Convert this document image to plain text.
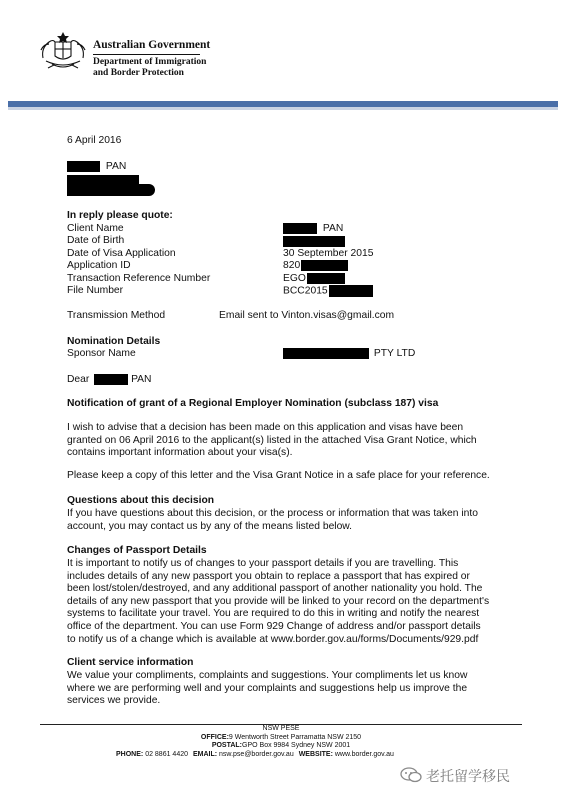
Australian Government
Department of Immigration
and Border Protection
6 April 2016
PAN
In reply please quote:
Client Name	PAN
Date of Birth
Date of Visa Application	30 September 2015
Application ID	820
Transaction Reference Number	EGO
File Number	BCC2015
Transmission Method	Email sent to Vinton.visas@gmail.com
Nomination Details
Sponsor Name	PTY LTD
Dear	PAN
Notification of grant of a Regional Employer Nomination (subclass 187) visa
I wish to advise that a decision has been made on this application and visas have been
granted on 06 April 2016 to the applicant(s) listed in the attached Visa Grant Notice, which
contains important information about your visa(s).
Please keep a copy of this letter and the Visa Grant Notice in a safe place for your reference.
Questions about this decision
If you have questions about this decision, or the process or information that was taken into
account, you may contact us by any of the means listed below.
Changes of Passport Details
It is important to notify us of changes to your passport details if you are travelling. This
includes details of any new passport you obtain to replace a passport that has expired or
been lost/stolen/destroyed, and any additional passport of another nationality you hold. The
details of any new passport that you provide will be linked to your record on the department's
systems to facilitate your travel. You are required to do this in writing and notify the nearest
office of the department. You can use Form 929 Change of address and/or passport details
to notify us of a change which is available at www.border.gov.au/forms/Documents/929.pdf
Client service information
We value your compliments, complaints and suggestions. Your compliments let us know
where we are performing well and your complaints and suggestions help us improve the
services we provide.
NSW PESE
OFFICE:9 Wentworth Street Parramatta NSW 2150
POSTAL:GPO Box 9984 Sydney NSW 2001
PHONE: 02 8861 4420 EMAIL: nsw.pse@border.gov.au WEBSITE: www.border.gov.au
老托留学移民
